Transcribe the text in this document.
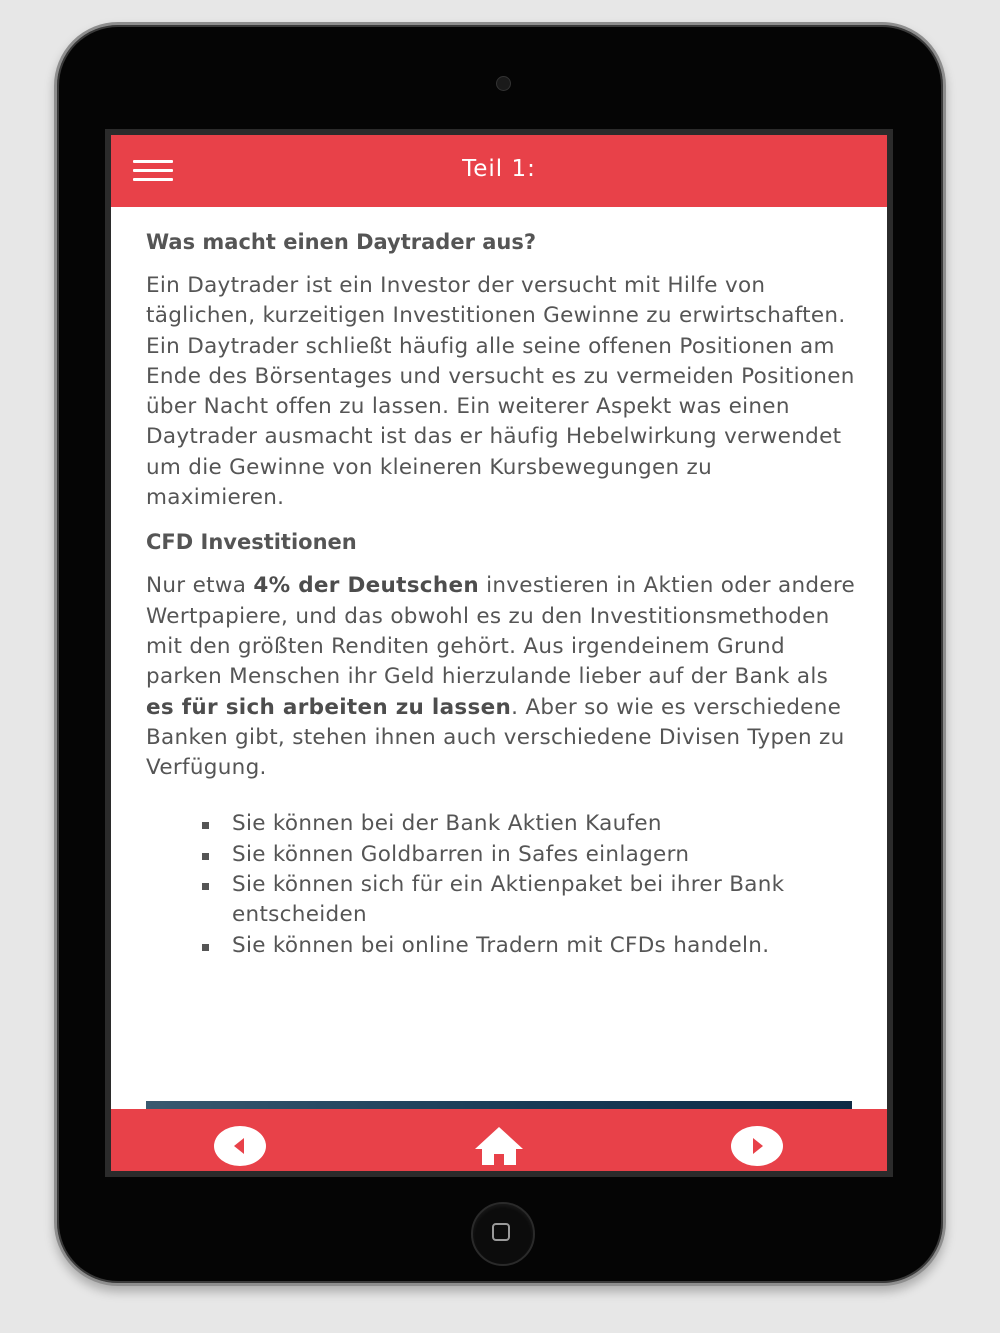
Teil 1:
Was macht einen Daytrader aus?

Ein Daytrader ist ein Investor der versucht mit Hilfe von täglichen, kurzeitigen Investitionen Gewinne zu erwirtschaften. Ein Daytrader schließt häufig alle seine offenen Positionen am Ende des Börsentages und versucht es zu vermeiden Positionen über Nacht offen zu lassen. Ein weiterer Aspekt was einen Daytrader ausmacht ist das er häufig Hebelwirkung verwendet um die Gewinne von kleineren Kursbewegungen zu maximieren.

CFD Investitionen

Nur etwa 4% der Deutschen investieren in Aktien oder andere Wertpapiere, und das obwohl es zu den Investitionsmethoden mit den größten Renditen gehört. Aus irgendeinem Grund parken Menschen ihr Geld hierzulande lieber auf der Bank als es für sich arbeiten zu lassen. Aber so wie es verschiedene Banken gibt, stehen ihnen auch verschiedene Divisen Typen zu Verfügung.

Sie können bei der Bank Aktien Kaufen
Sie können Goldbarren in Safes einlagern
Sie können sich für ein Aktienpaket bei ihrer Bank entscheiden
Sie können bei online Tradern mit CFDs handeln.
